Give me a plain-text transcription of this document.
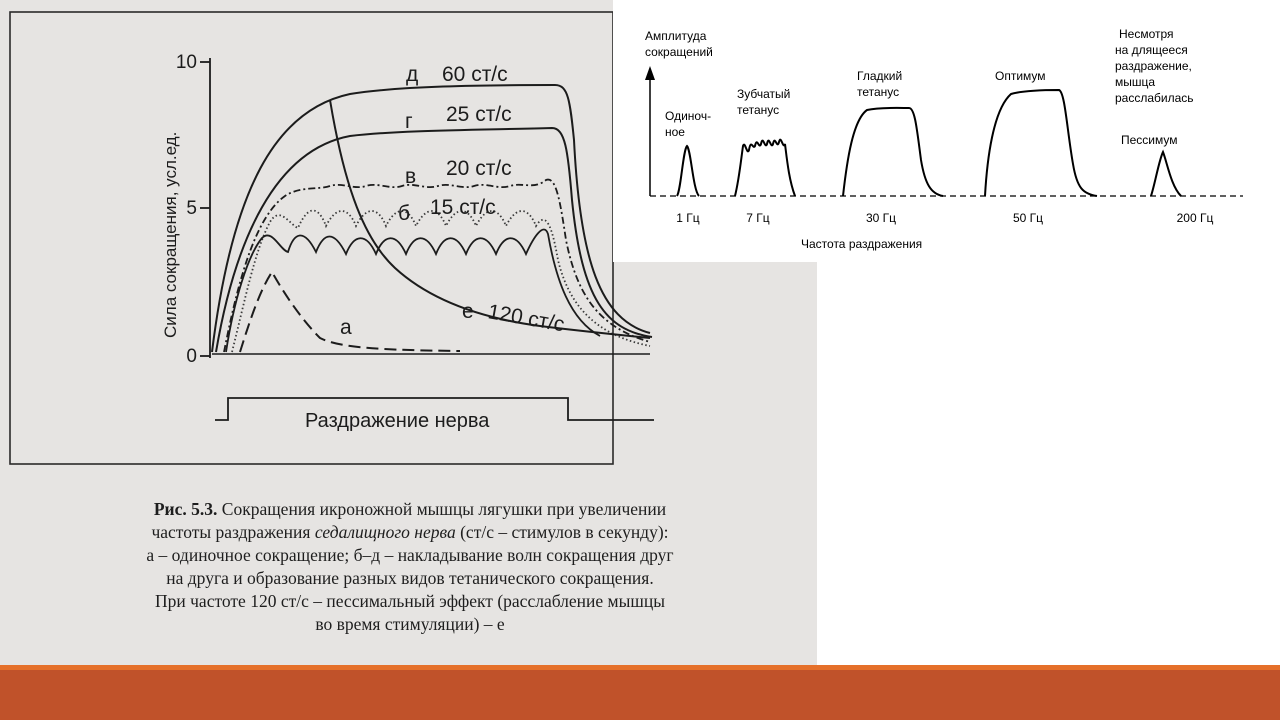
10
5
0
Сила сокращения, усл.ед.
д 60 ст/с
г 25 ст/с
в 20 ст/с
б 15 ст/с
е 120 ст/с
а
Раздражение нерва
Рис. 5.3. Сокращения икроножной мышцы лягушки при увеличении
частоты раздражения седалищного нерва (ст/с – стимулов в секунду):
а – одиночное сокращение; б–д – накладывание волн сокращения друг
на друга и образование разных видов тетанического сокращения.
При частоте 120 ст/с – пессимальный эффект (расслабление мышцы
во время стимуляции) – е
Амплитуда
сокращений
Одиноч-
ное
Зубчатый
тетанус
Гладкий
тетанус
Оптимум
Несмотря
на длящееся
раздражение,
мышца
расслабилась
Пессимум
1 Гц	7 Гц	30 Гц	50 Гц	200 Гц
Частота раздражения
